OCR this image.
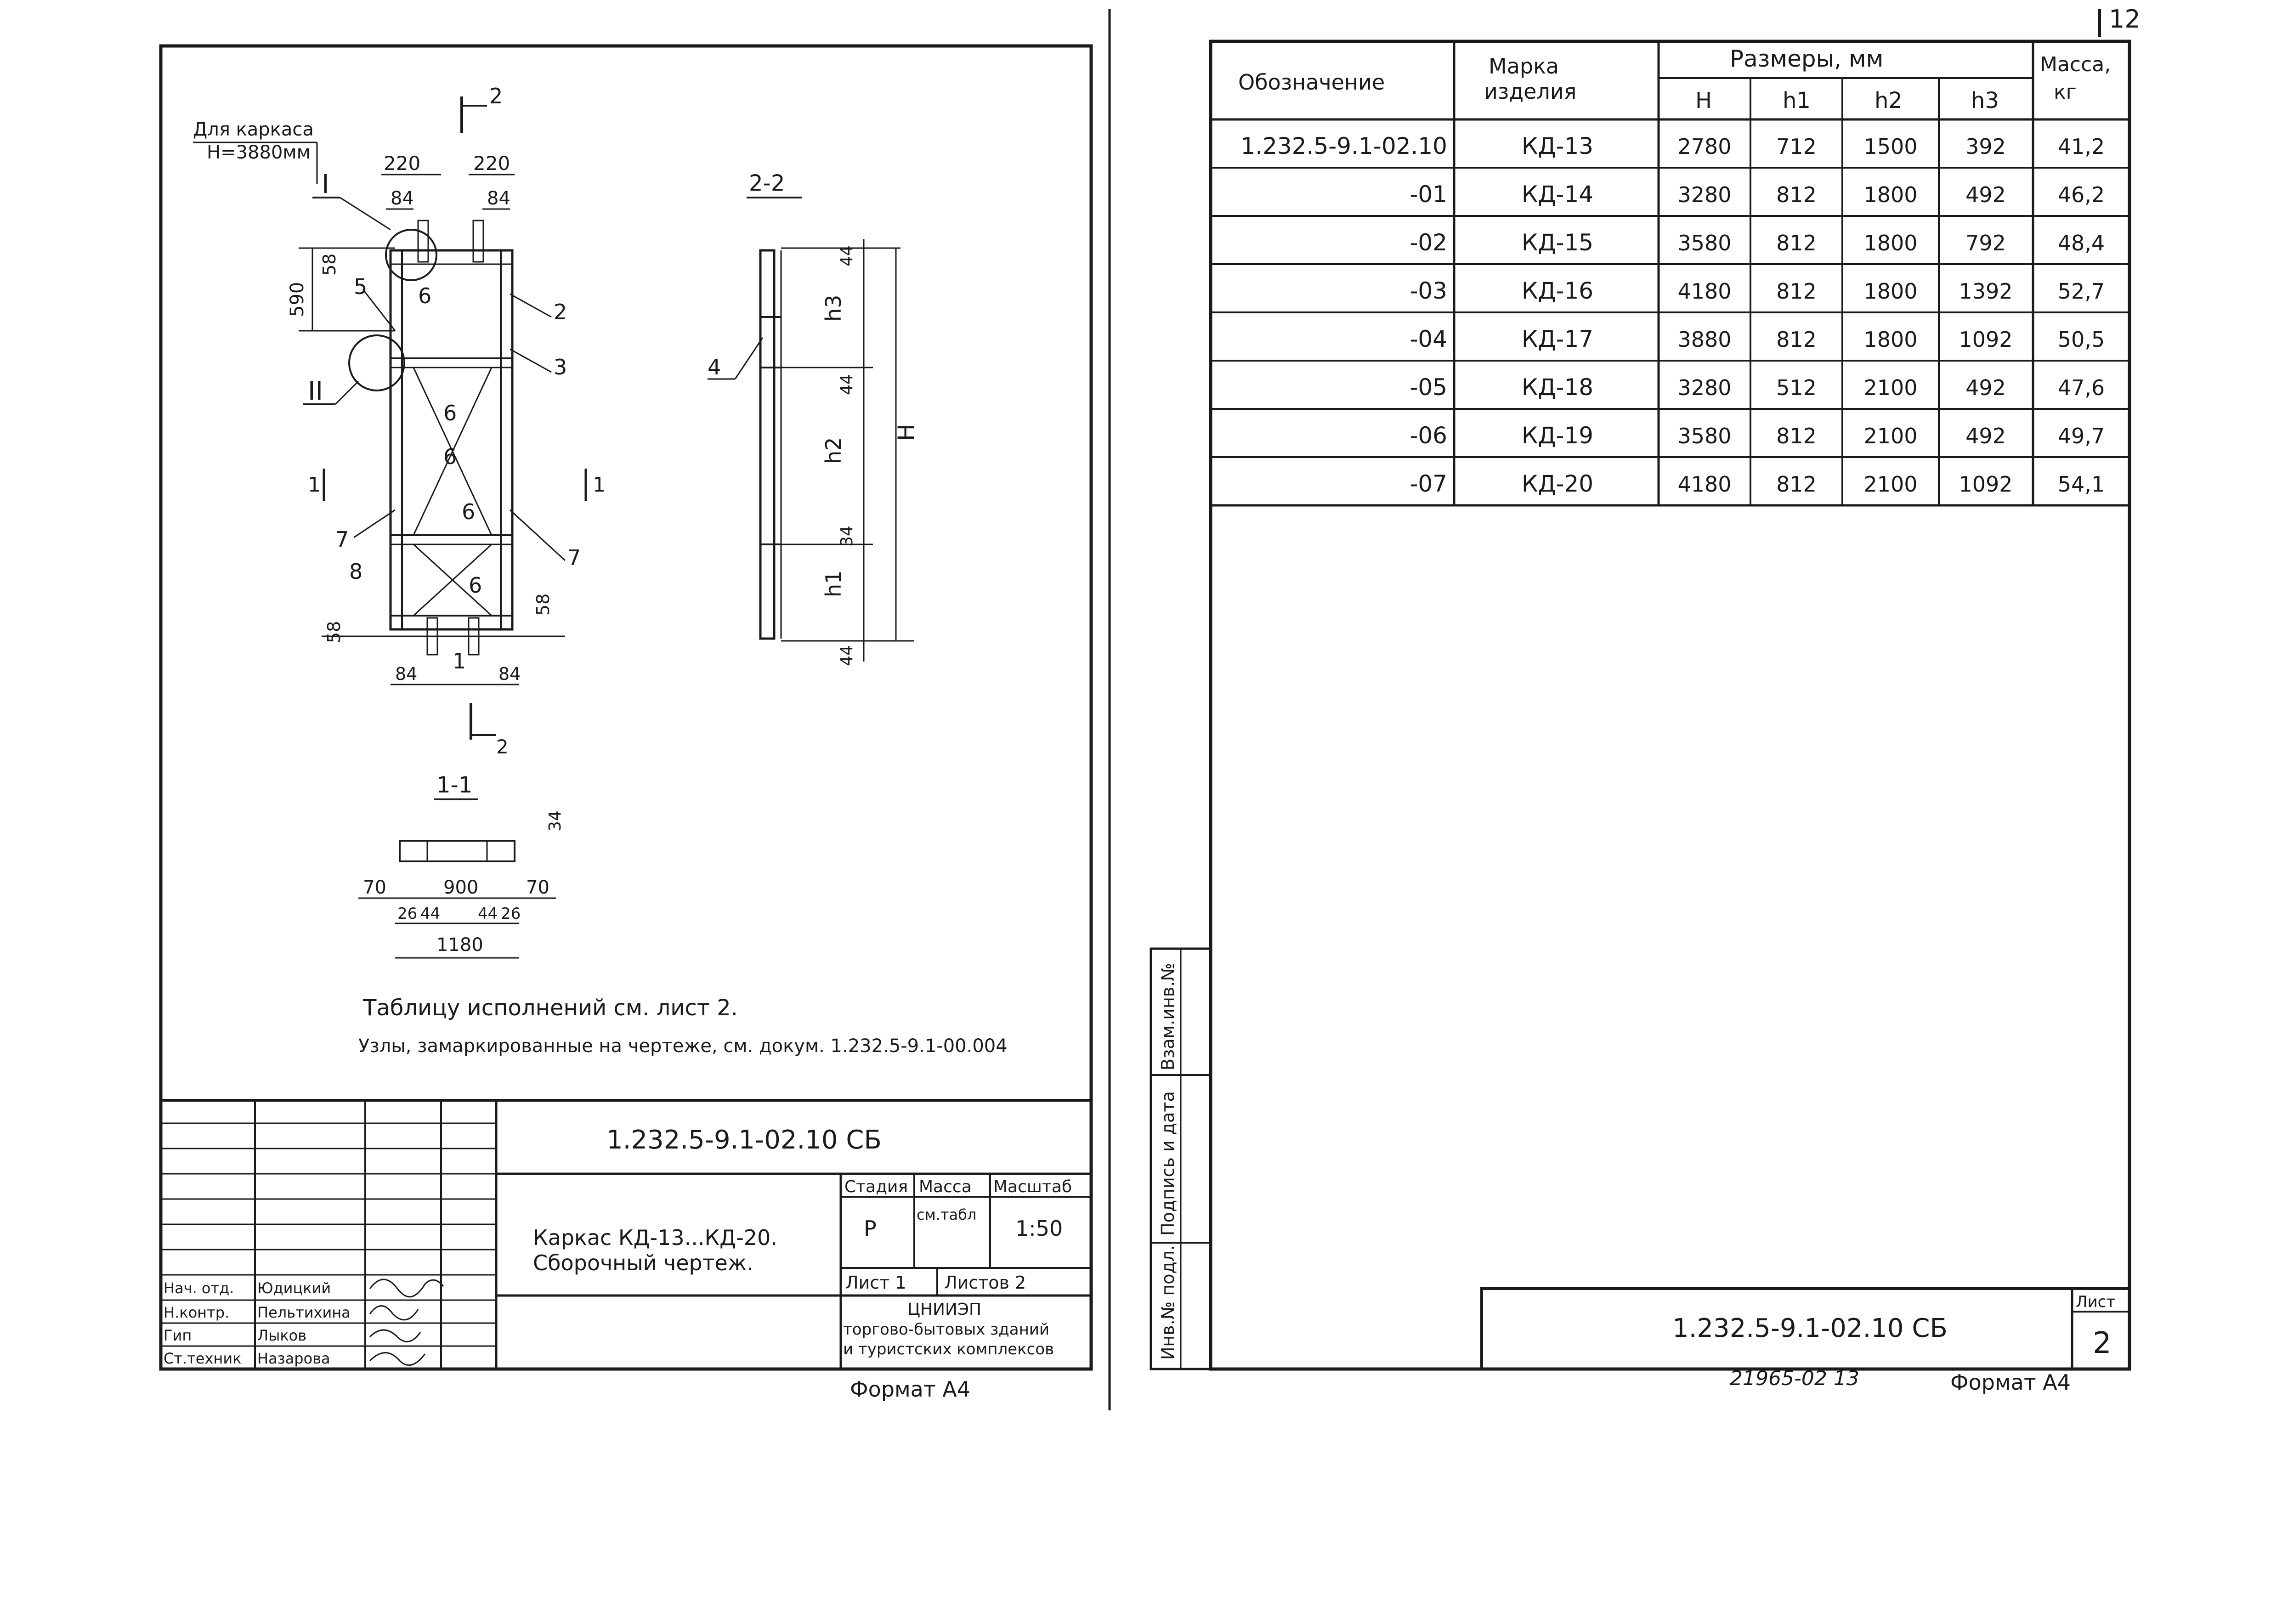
12
Для каркаса
H=3880мм	220	220
84	84
2
I
590
58
II
5 6
2
3
6
6
6
7
8
7
6
1
1	1
58
58
84	84
2
2-2
44
44
34
44
h3
h2
h1
H
4
1-1
34
70	900	70
26 44 44 26
1180
Таблицу исполнений см. лист 2.
Узлы, замаркированные на чертеже, см. докум. 1.232.5-9.1-00.004
1.232.5-9.1-02.10 СБ
Каркас КД-13...КД-20.
Сборочный чертеж.
Стадия Масса Масштаб
Р
см.табл
1:50
Лист 1 Листов 2
ЦНИИЭП
торгово-бытовых зданий
и туристских комплексов
Нач. отд. Юдицкий
Н.контр. Пельтихина
Гип	Лыков
Ст.техник Назарова
Формат А4
Обозначение
Марка
изделия
Размеры, мм	Масса,
кг
H	h1	h2	h3
1.232.5-9.1-02.10	КД-13	2780 712 1500 392 41,2
-01	КД-14	3280 812 1800 492 46,2
-02	КД-15	3580 812 1800 792 48,4
-03	КД-16	4180 812 1800 1392 52,7
-04	КД-17	3880 812 1800 1092 50,5
-05	КД-18	3280 512 2100 492 47,6
-06	КД-19	3580 812 2100 492 49,7
-07	КД-20	4180 812 2100 1092 54,1
Инв.№ подл.
Подпись и дата
Взам.инв.№
1.232.5-9.1-02.10 СБ
Лист
2
21965-02 13	Формат А4
